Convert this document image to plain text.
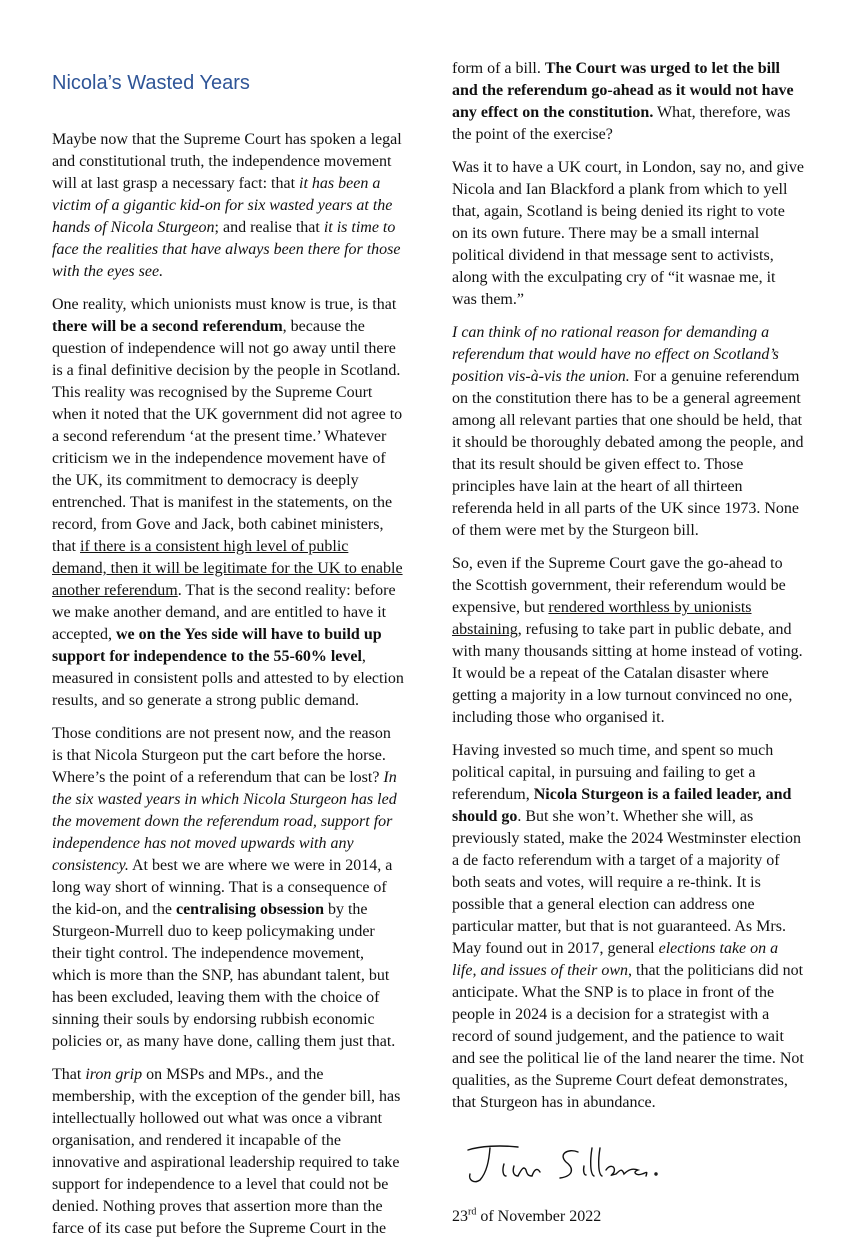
Nicola’s Wasted Years

Maybe now that the Supreme Court has spoken a legal and constitutional truth, the independence movement will at last grasp a necessary fact: that it has been a victim of a gigantic kid-on for six wasted years at the hands of Nicola Sturgeon; and realise that it is time to face the realities that have always been there for those with the eyes see.

One reality, which unionists must know is true, is that there will be a second referendum, because the question of independence will not go away until there is a final definitive decision by the people in Scotland. This reality was recognised by the Supreme Court when it noted that the UK government did not agree to a second referendum ‘at the present time.’ Whatever criticism we in the independence movement have of the UK, its commitment to democracy is deeply entrenched. That is manifest in the statements, on the record, from Gove and Jack, both cabinet ministers, that if there is a consistent high level of public demand, then it will be legitimate for the UK to enable another referendum. That is the second reality: before we make another demand, and are entitled to have it accepted, we on the Yes side will have to build up support for independence to the 55-60% level, measured in consistent polls and attested to by election results, and so generate a strong public demand.

Those conditions are not present now, and the reason is that Nicola Sturgeon put the cart before the horse. Where’s the point of a referendum that can be lost? In the six wasted years in which Nicola Sturgeon has led the movement down the referendum road, support for independence has not moved upwards with any consistency. At best we are where we were in 2014, a long way short of winning. That is a consequence of the kid-on, and the centralising obsession by the Sturgeon-Murrell duo to keep policymaking under their tight control. The independence movement, which is more than the SNP, has abundant talent, but has been excluded, leaving them with the choice of sinning their souls by endorsing rubbish economic policies or, as many have done, calling them just that.

That iron grip on MSPs and MPs., and the membership, with the exception of the gender bill, has intellectually hollowed out what was once a vibrant organisation, and rendered it incapable of the innovative and aspirational leadership required to take support for independence to a level that could not be denied. Nothing proves that assertion more than the farce of its case put before the Supreme Court in the form of a bill. The Court was urged to let the bill and the referendum go-ahead as it would not have any effect on the constitution. What, therefore, was the point of the exercise?

Was it to have a UK court, in London, say no, and give Nicola and Ian Blackford a plank from which to yell that, again, Scotland is being denied its right to vote on its own future. There may be a small internal political dividend in that message sent to activists, along with the exculpating cry of “it wasnae me, it was them.”

I can think of no rational reason for demanding a referendum that would have no effect on Scotland’s position vis-à-vis the union. For a genuine referendum on the constitution there has to be a general agreement among all relevant parties that one should be held, that it should be thoroughly debated among the people, and that its result should be given effect to. Those principles have lain at the heart of all thirteen referenda held in all parts of the UK since 1973. None of them were met by the Sturgeon bill.

So, even if the Supreme Court gave the go-ahead to the Scottish government, their referendum would be expensive, but rendered worthless by unionists abstaining, refusing to take part in public debate, and with many thousands sitting at home instead of voting. It would be a repeat of the Catalan disaster where getting a majority in a low turnout convinced no one, including those who organised it.

Having invested so much time, and spent so much political capital, in pursuing and failing to get a referendum, Nicola Sturgeon is a failed leader, and should go. But she won’t. Whether she will, as previously stated, make the 2024 Westminster election a de facto referendum with a target of a majority of both seats and votes, will require a re-think. It is possible that a general election can address one particular matter, but that is not guaranteed. As Mrs. May found out in 2017, general elections take on a life, and issues of their own, that the politicians did not anticipate. What the SNP is to place in front of the people in 2024 is a decision for a strategist with a record of sound judgement, and the patience to wait and see the political lie of the land nearer the time. Not qualities, as the Supreme Court defeat demonstrates, that Sturgeon has in abundance.

23rd of November 2022
